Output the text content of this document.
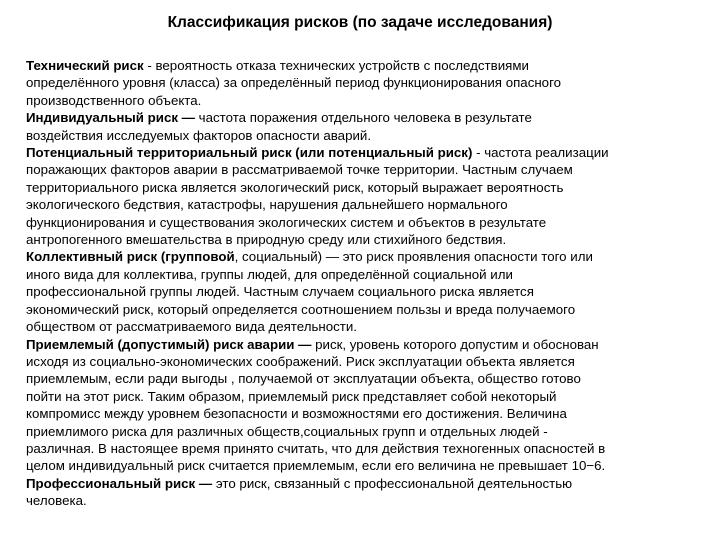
Классификация рисков (по задаче исследования)
Технический риск - вероятность отказа технических устройств с последствиями
определённого уровня (класса) за определённый период функционирования опасного
производственного объекта.
Индивидуальный риск — частота поражения отдельного человека в результате
воздействия исследуемых факторов опасности аварий.
Потенциальный территориальный риск (или потенциальный риск) - частота реализации
поражающих факторов аварии в рассматриваемой точке территории. Частным случаем
территориального риска является экологический риск, который выражает вероятность
экологического бедствия, катастрофы, нарушения дальнейшего нормального
функционирования и существования экологических систем и объектов в результате
антропогенного вмешательства в природную среду или стихийного бедствия.
Коллективный риск (групповой, социальный) — это риск проявления опасности того или
иного вида для коллектива, группы людей, для определённой социальной или
профессиональной группы людей. Частным случаем социального риска является
экономический риск, который определяется соотношением пользы и вреда получаемого
обществом от рассматриваемого вида деятельности.
Приемлемый (допустимый) риск аварии — риск, уровень которого допустим и обоснован
исходя из социально-экономических соображений. Риск эксплуатации объекта является
приемлемым, если ради выгоды , получаемой от эксплуатации объекта, общество готово
пойти на этот риск. Таким образом, приемлемый риск представляет собой некоторый
компромисс между уровнем безопасности и возможностями его достижения. Величина
приемлимого риска для различных обществ,социальных групп и отдельных людей -
различная. В настоящее время принято считать, что для действия техногенных опасностей в
целом индивидуальный риск считается приемлемым, если его величина не превышает 10−6.
Профессиональный риск — это риск, связанный с профессиональной деятельностью
человека.
